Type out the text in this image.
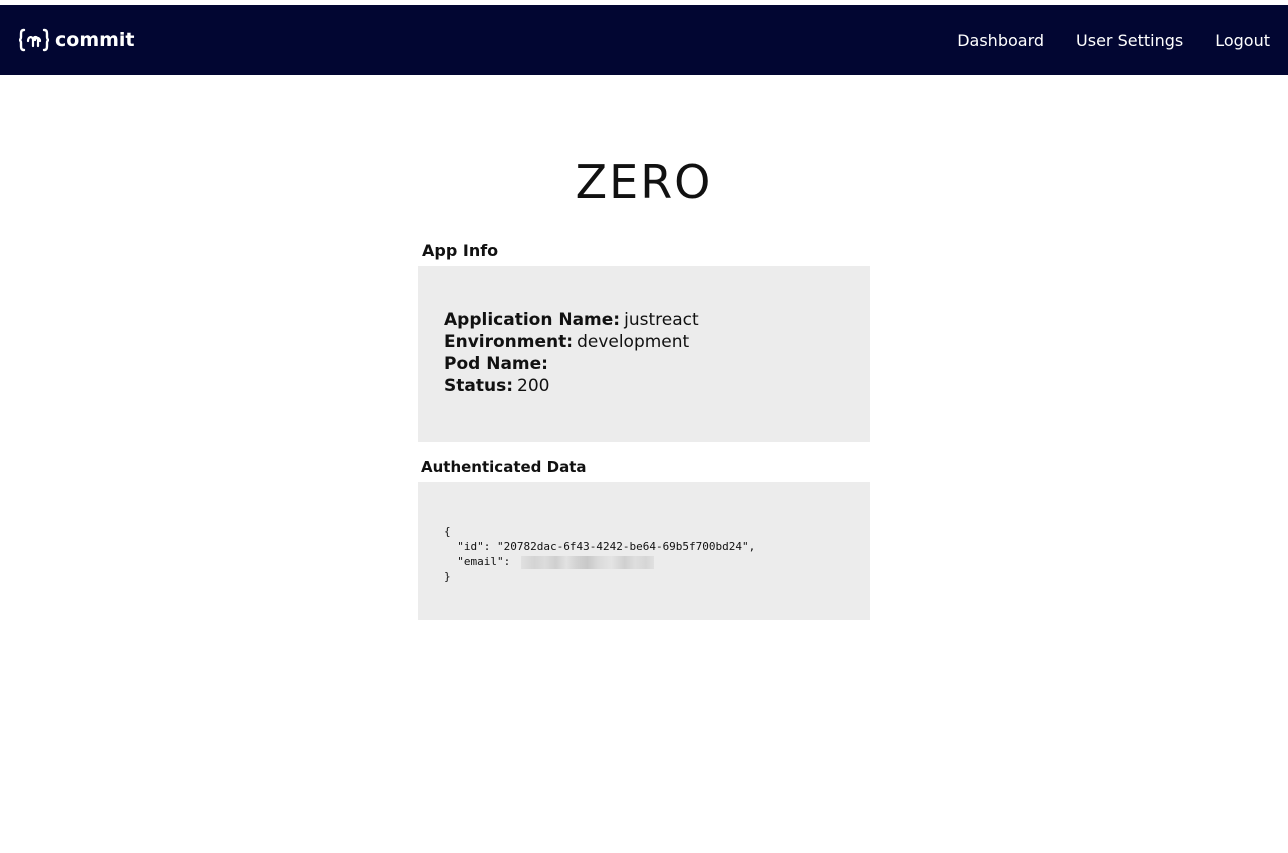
commit	Dashboard User Settings Logout
ZERO
App Info
Application Name: justreact
Environment: development
Pod Name:
Status: 200
Authenticated Data
{
"id": "20782dac-6f43-4242-be64-69b5f700bd24",
"email":
}
